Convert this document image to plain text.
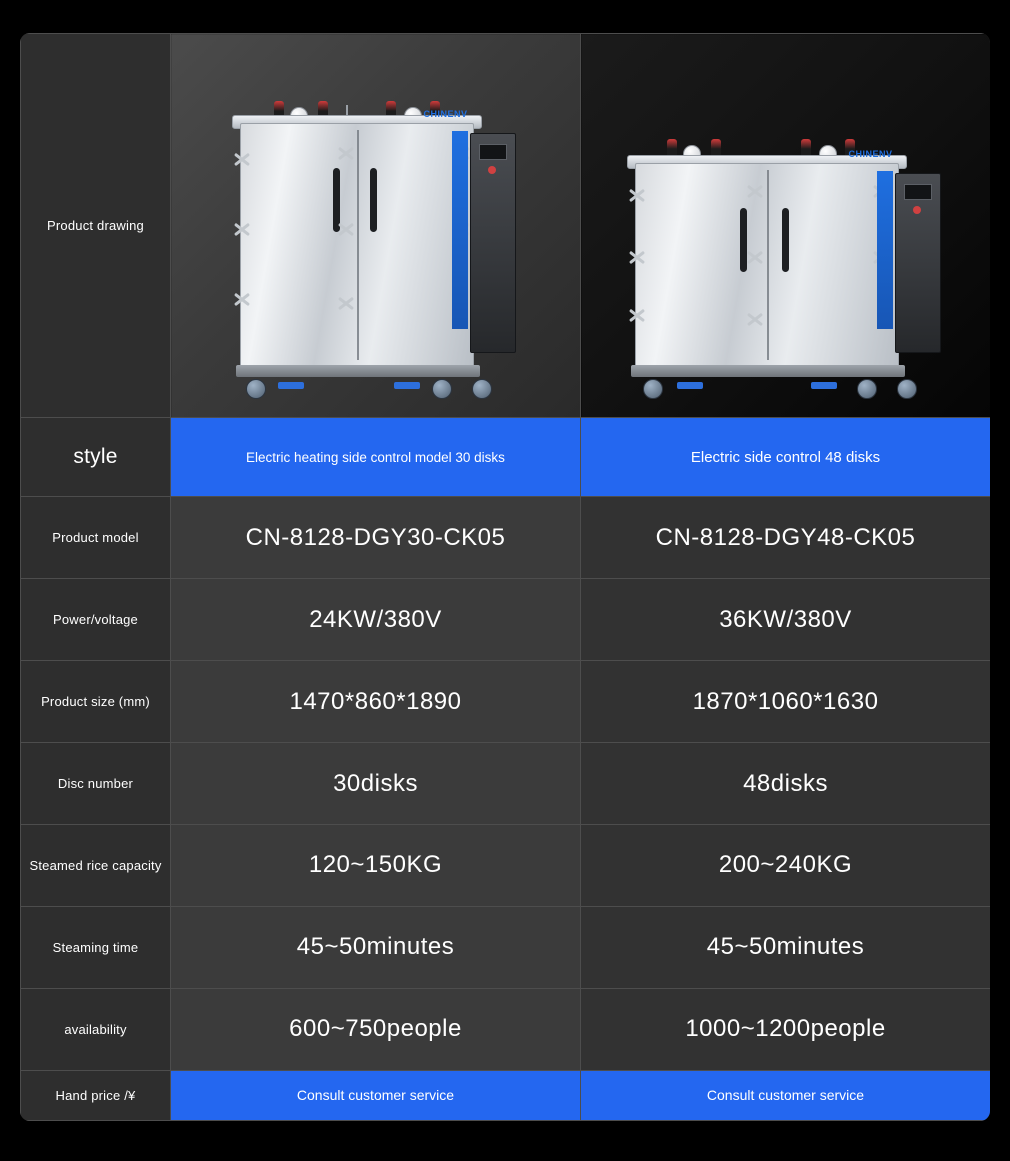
Product drawing	CHINENV	CHINENV

style	Electric heating side control model 30 disks	Electric side control 48 disks
Product model	CN-8128-DGY30-CK05	CN-8128-DGY48-CK05
Power/voltage	24KW/380V	36KW/380V
Product size (mm)	1470*860*1890	1870*1060*1630
Disc number	30disks	48disks
Steamed rice capacity	120~150KG	200~240KG
Steaming time	45~50minutes	45~50minutes
availability	600~750people	1000~1200people
Hand price /¥	Consult customer service	Consult customer service
